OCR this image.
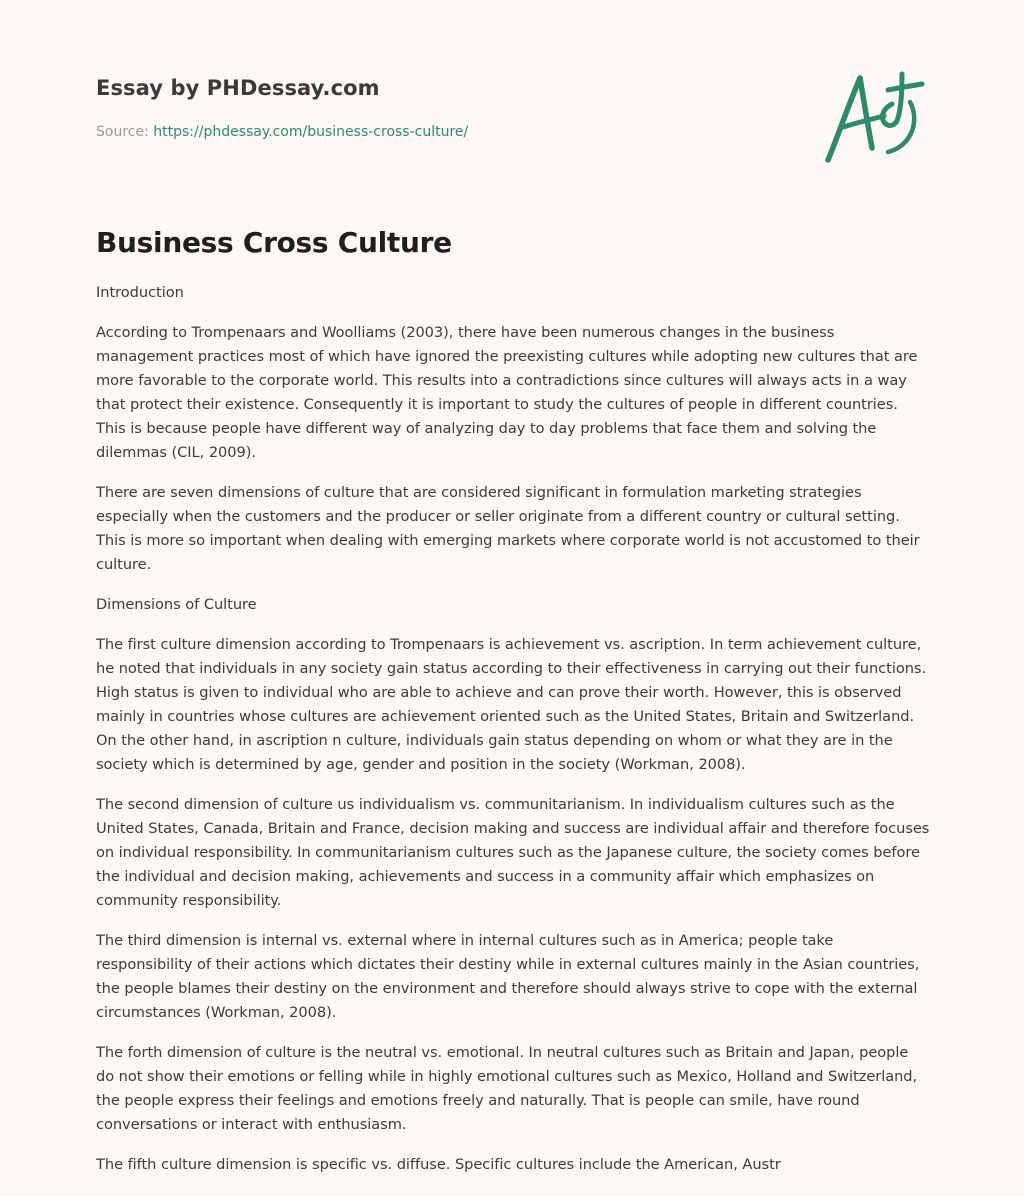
Essay by PHDessay.com
Source: https://phdessay.com/business-cross-culture/
Business Cross Culture

Introduction

According to Trompenaars and Woolliams (2003), there have been numerous changes in the business management practices most of which have ignored the preexisting cultures while adopting new cultures that are more favorable to the corporate world. This results into a contradictions since cultures will always acts in a way that protect their existence. Consequently it is important to study the cultures of people in different countries. This is because people have different way of analyzing day to day problems that face them and solving the dilemmas (CIL, 2009).

There are seven dimensions of culture that are considered significant in formulation marketing strategies especially when the customers and the producer or seller originate from a different country or cultural setting. This is more so important when dealing with emerging markets where corporate world is not accustomed to their culture.

Dimensions of Culture

The first culture dimension according to Trompenaars is achievement vs. ascription. In term achievement culture, he noted that individuals in any society gain status according to their effectiveness in carrying out their functions. High status is given to individual who are able to achieve and can prove their worth. However, this is observed mainly in countries whose cultures are achievement oriented such as the United States, Britain and Switzerland. On the other hand, in ascription n culture, individuals gain status depending on whom or what they are in the society which is determined by age, gender and position in the society (Workman, 2008).

The second dimension of culture us individualism vs. communitarianism. In individualism cultures such as the United States, Canada, Britain and France, decision making and success are individual affair and therefore focuses on individual responsibility. In communitarianism cultures such as the Japanese culture, the society comes before the individual and decision making, achievements and success in a community affair which emphasizes on community responsibility.

The third dimension is internal vs. external where in internal cultures such as in America; people take responsibility of their actions which dictates their destiny while in external cultures mainly in the Asian countries, the people blames their destiny on the environment and therefore should always strive to cope with the external circumstances (Workman, 2008).

The forth dimension of culture is the neutral vs. emotional. In neutral cultures such as Britain and Japan, people do not show their emotions or felling while in highly emotional cultures such as Mexico, Holland and Switzerland, the people express their feelings and emotions freely and naturally. That is people can smile, have round conversations or interact with enthusiasm.

The fifth culture dimension is specific vs. diffuse. Specific cultures include the American, Austr
